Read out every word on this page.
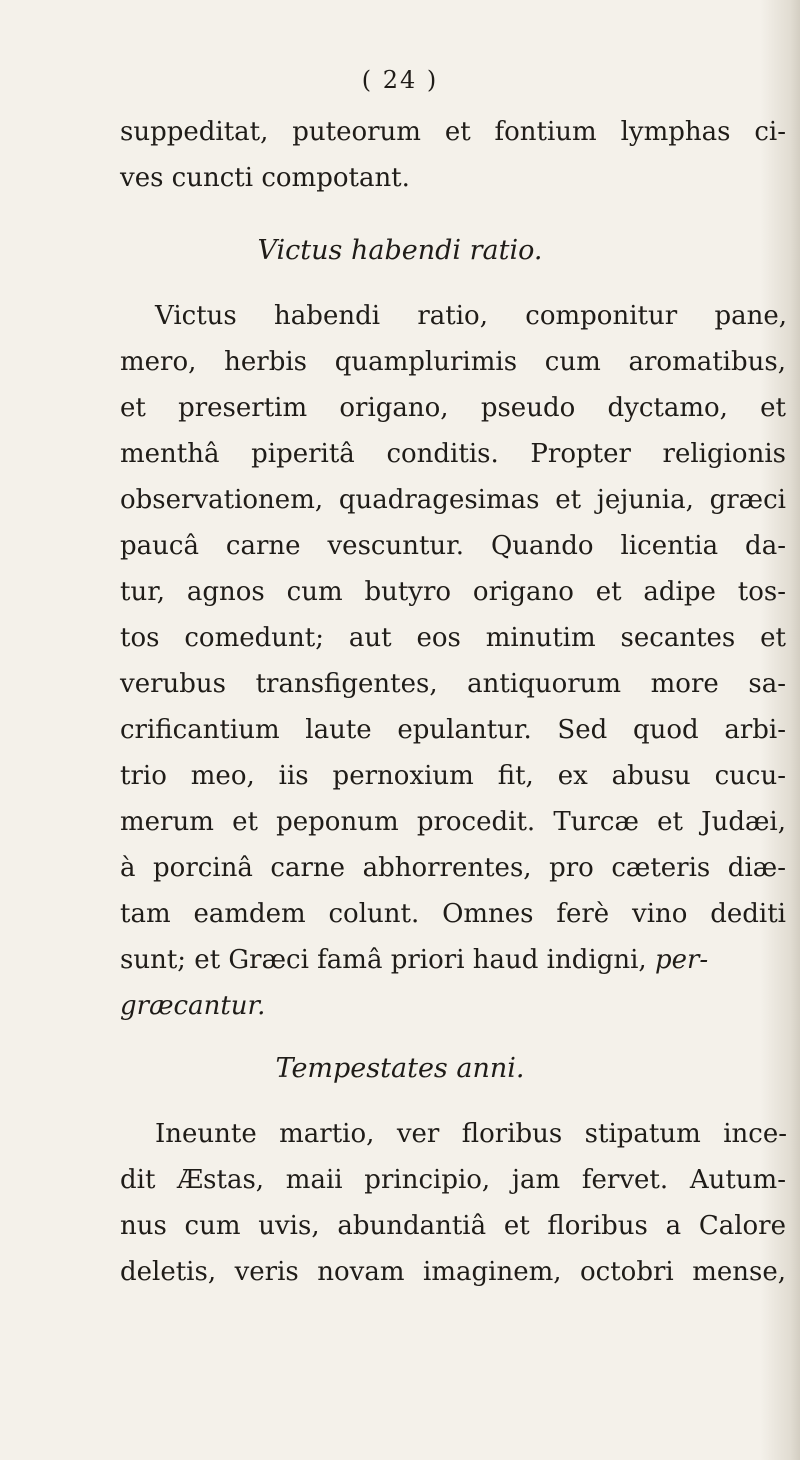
( 24 )
suppeditat, puteorum et fontium lymphas ci-
ves cuncti compotant.
Victus habendi ratio.
Victus habendi ratio, componitur pane,
mero, herbis quamplurimis cum aromatibus,
et presertim origano, pseudo dyctamo, et
menthâ piperitâ conditis. Propter religionis
observationem, quadragesimas et jejunia, græci
paucâ carne vescuntur. Quando licentia da-
tur, agnos cum butyro origano et adipe tos-
tos comedunt; aut eos minutim secantes et
verubus transfigentes, antiquorum more sa-
crificantium laute epulantur. Sed quod arbi-
trio meo, iis pernoxium fit, ex abusu cucu-
merum et peponum procedit. Turcæ et Judæi,
à porcinâ carne abhorrentes, pro cæteris diæ-
tam eamdem colunt. Omnes ferè vino dediti
sunt; et Græci famâ priori haud indigni, per-
græcantur.
Tempestates anni.
Ineunte martio, ver floribus stipatum ince-
dit Æstas, maii principio, jam fervet. Autum-
nus cum uvis, abundantiâ et floribus a Calore
deletis, veris novam imaginem, octobri mense,
